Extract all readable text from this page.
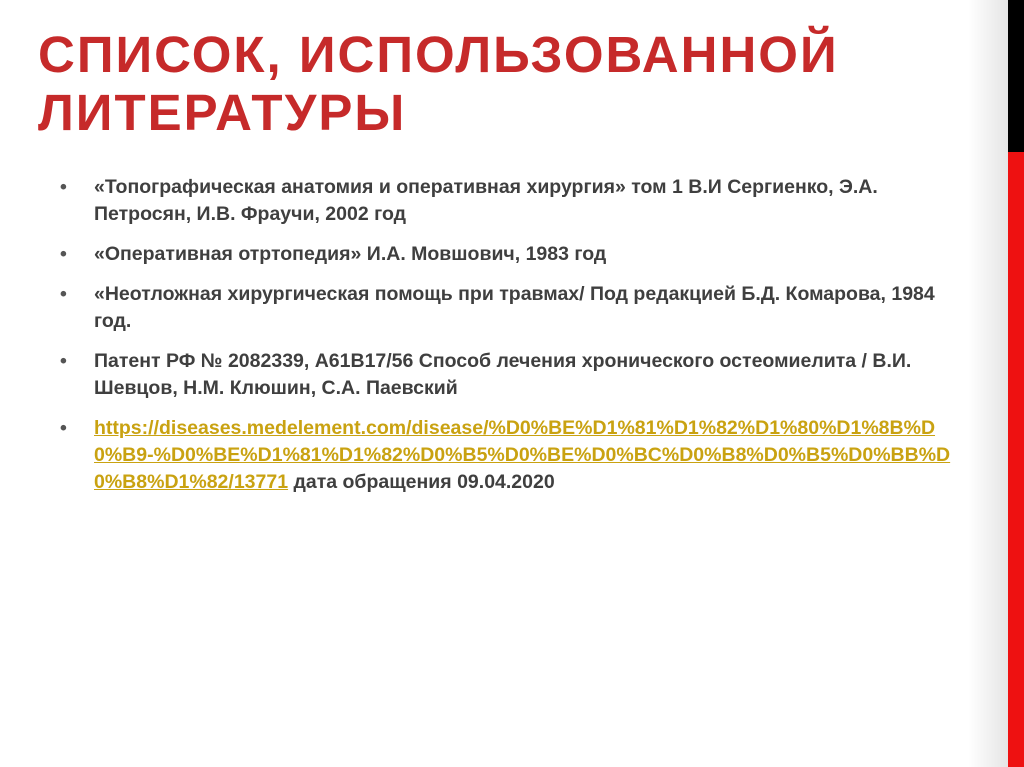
СПИСОК, ИСПОЛЬЗОВАННОЙ ЛИТЕРАТУРЫ
• «Топографическая анатомия и оперативная хирургия» том 1 В.И Сергиенко, Э.А. Петросян, И.В. Фраучи, 2002 год
• «Оперативная отртопедия» И.А. Мовшович, 1983 год
• «Неотложная хирургическая помощь при травмах/ Под редакцией Б.Д. Комарова, 1984 год.
• Патент РФ № 2082339, А61В17/56 Способ лечения хронического остеомиелита / В.И. Шевцов, Н.М. Клюшин, С.А. Паевский
• https://diseases.medelement.com/disease/%D0%BE%D1%81%D1%82%D1%80%D1%8B%D0%B9-%D0%BE%D1%81%D1%82%D0%B5%D0%BE%D0%BC%D0%B8%D0%B5%D0%BB%D0%B8%D1%82/13771 дата обращения 09.04.2020
